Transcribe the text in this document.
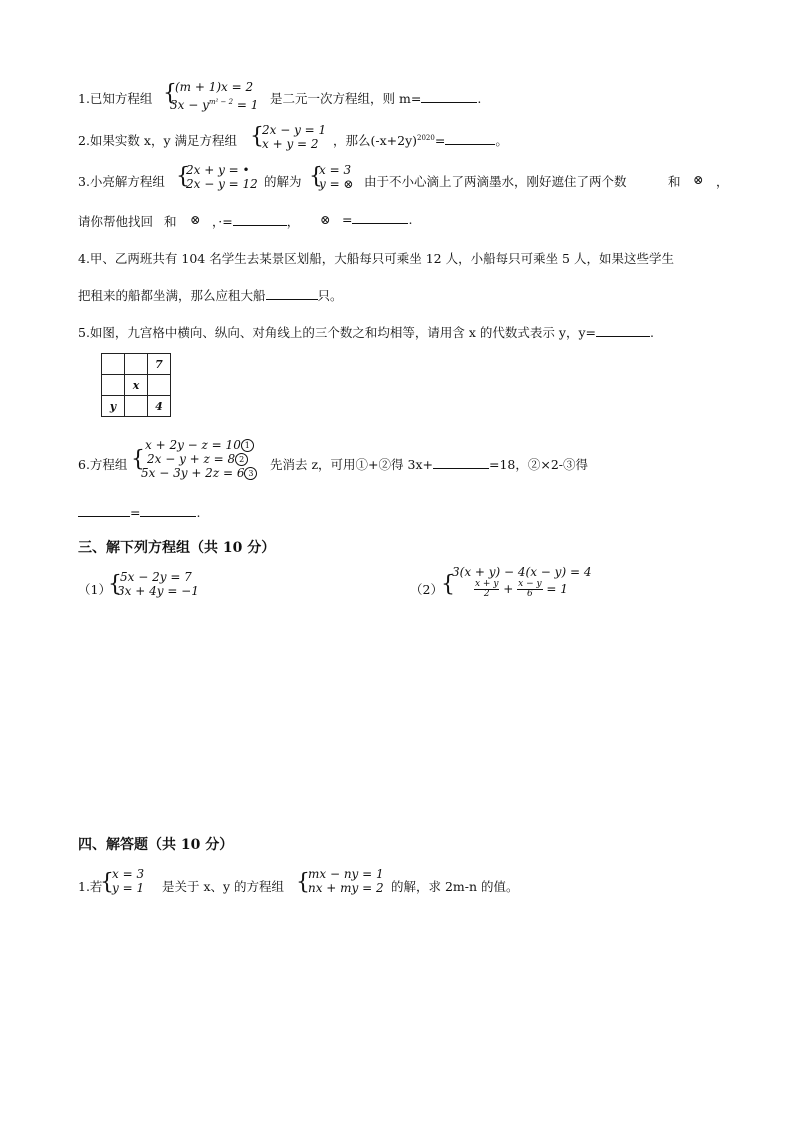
1.已知方程组 {
(m + 1)x = 2
$3x - y^{m^2 - 2} = 1$ 是二元一次方程组，则 m=	.
2.如果实数 x，y 满足方程组 {
2x − y = 1
x + y = 2 ，那么$(-x+2y)^{2020}=$	。
3.小亮解方程组 {
2x + y = •
2x − y = 12 的解为 {
x = 3
y = ⊗ 由于不小心滴上了两滴墨水，刚好遮住了两个数	和 ⊗ ，
请你帮他找回 和 ⊗ ，·=	， ⊗ =	.
4.甲、乙两班共有 104 名学生去某景区划船，大船每只可乘坐 12 人，小船每只可乘坐 5 人，如果这些学生
把租来的船都坐满，那么应租大船	只。
5.如图，九宫格中横向、纵向、对角线上的三个数之和均相等，请用含 x 的代数式表示 y，y=	.
		7
	x	
y		4
6.方程组 {
x + 2y − z = 10 1
2x − y + z = 8 2
5x − 3y + 2z = 6 3
先消去 z，可用①+②得 3x+	=18，②×2-③得
=	.
三、解下列方程组（共 10 分）
（1）
{
5x − 2y = 7
3x + 4y = −1	（2）
{
3(x + y) − 4(x − y) = 4
$\frac{x + y}{2} + \frac{x - y}{6} = 1$
四、解答题（共 10 分）
1.若
{
x = 3
y = 1 是关于 x、y 的方程组 {
mx − ny = 1
nx + my = 2 的解，求 2m-n 的值。
